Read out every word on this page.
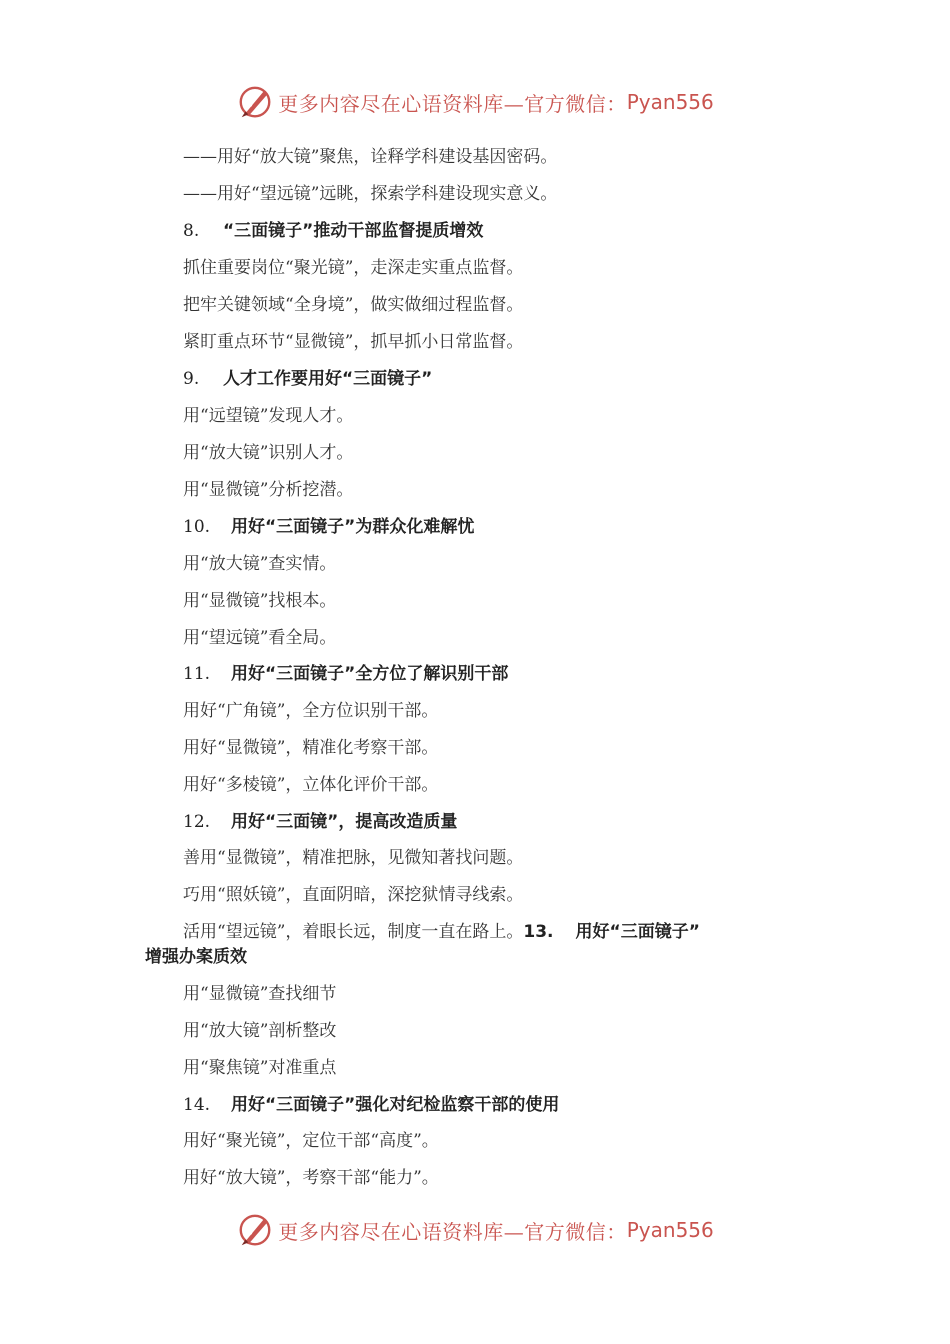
更多内容尽在心语资料库—官方微信： Pyan556
——用好“放大镜”聚焦，诠释学科建设基因密码。
——用好“望远镜”远眺，探索学科建设现实意义。
8. “三面镜子”推动干部监督提质增效
抓住重要岗位“聚光镜”，走深走实重点监督。
把牢关键领域“全身境”，做实做细过程监督。
紧盯重点环节“显微镜”，抓早抓小日常监督。
9. 人才工作要用好“三面镜子”
用“远望镜”发现人才。
用“放大镜”识别人才。
用“显微镜”分析挖潜。
10. 用好“三面镜子”为群众化难解忧
用“放大镜”查实情。
用“显微镜”找根本。
用“望远镜”看全局。
11. 用好“三面镜子”全方位了解识别干部
用好“广角镜”，全方位识别干部。
用好“显微镜”，精准化考察干部。
用好“多棱镜”，立体化评价干部。
12. 用好“三面镜”，提高改造质量
善用“显微镜”，精准把脉，见微知著找问题。
巧用“照妖镜”，直面阴暗，深挖狱情寻线索。
活用“望远镜”，着眼长远，制度一直在路上。13. 用好“三面镜子”
增强办案质效
用“显微镜”查找细节
用“放大镜”剖析整改
用“聚焦镜”对准重点
14. 用好“三面镜子”强化对纪检监察干部的使用
用好“聚光镜”，定位干部“高度”。
用好“放大镜”，考察干部“能力”。
更多内容尽在心语资料库—官方微信： Pyan556
